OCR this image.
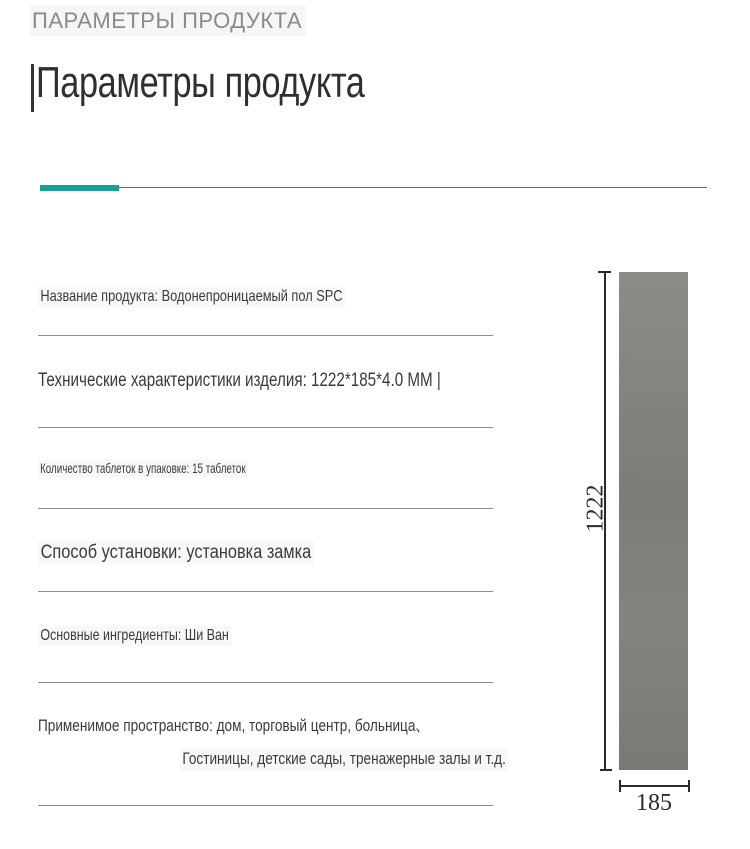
ПАРАМЕТРЫ ПРОДУКТА
Параметры продукта
Название продукта: Водонепроницаемый пол SPC
Технические характеристики изделия: 1222*185*4.0 MM |
Количество таблеток в упаковке: 15 таблеток
Способ установки: установка замка
Основные ингредиенты: Ши Ван
Применимое пространство: дом, торговый центр, больница、
Гостиницы, детские сады, тренажерные залы и т.д.
1222
185
